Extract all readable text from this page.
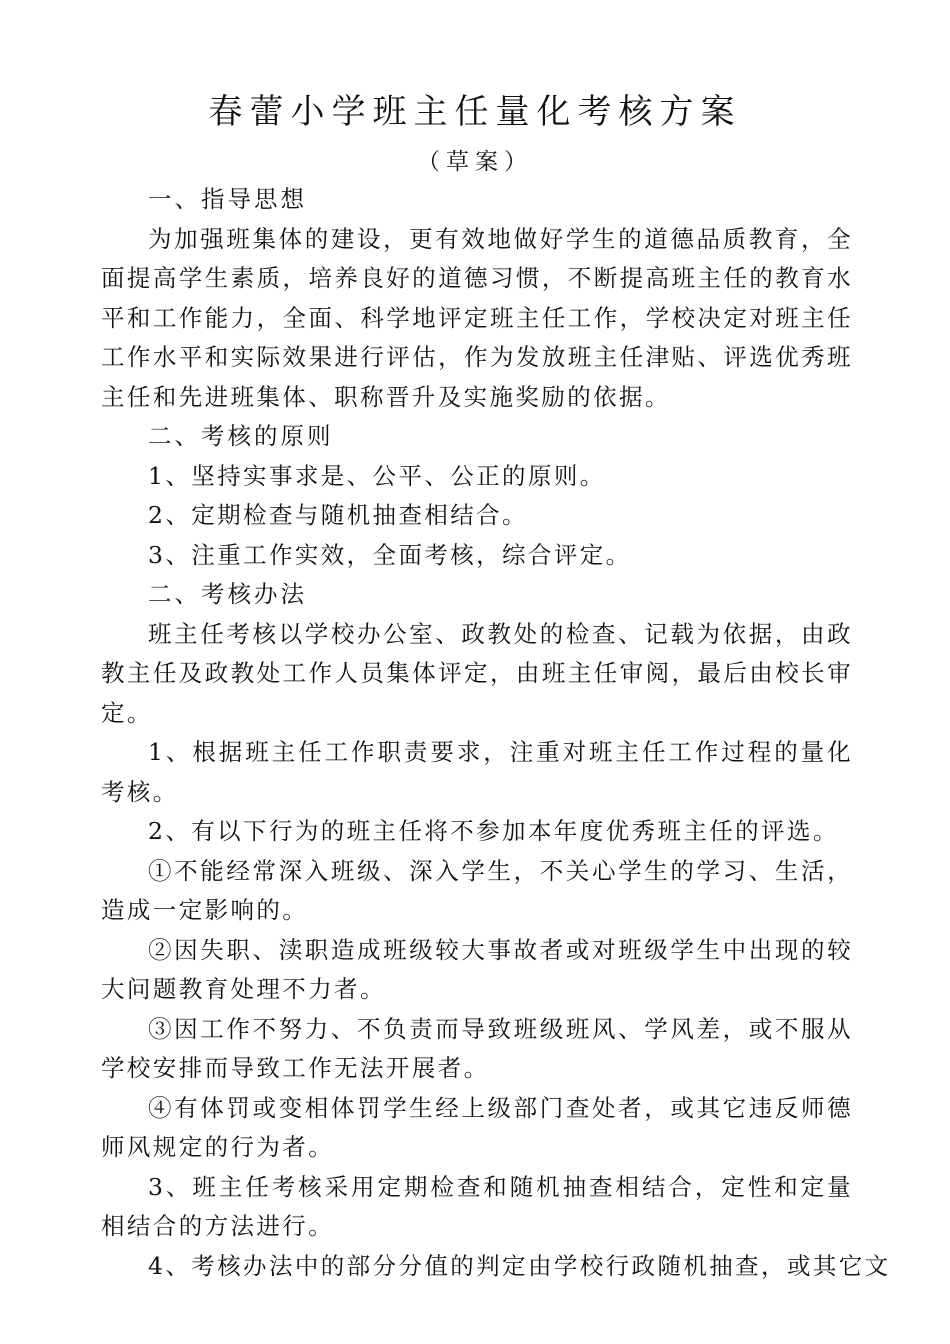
春蕾小学班主任量化考核方案
（草案）

一、指导思想

为加强班集体的建设，更有效地做好学生的道德品质教育，全面提高学生素质，培养良好的道德习惯，不断提高班主任的教育水平和工作能力，全面、科学地评定班主任工作，学校决定对班主任工作水平和实际效果进行评估，作为发放班主任津贴、评选优秀班主任和先进班集体、职称晋升及实施奖励的依据。

二、考核的原则

1、坚持实事求是、公平、公正的原则。

2、定期检查与随机抽查相结合。

3、注重工作实效，全面考核，综合评定。

二、考核办法

班主任考核以学校办公室、政教处的检查、记载为依据，由政教主任及政教处工作人员集体评定，由班主任审阅，最后由校长审定。

1、根据班主任工作职责要求，注重对班主任工作过程的量化考核。

2、有以下行为的班主任将不参加本年度优秀班主任的评选。

①不能经常深入班级、深入学生，不关心学生的学习、生活，造成一定影响的。

②因失职、渎职造成班级较大事故者或对班级学生中出现的较大问题教育处理不力者。

③因工作不努力、不负责而导致班级班风、学风差，或不服从学校安排而导致工作无法开展者。

④有体罚或变相体罚学生经上级部门查处者，或其它违反师德师风规定的行为者。

3、班主任考核采用定期检查和随机抽查相结合，定性和定量相结合的方法进行。

4、考核办法中的部分分值的判定由学校行政随机抽查，或其它文
